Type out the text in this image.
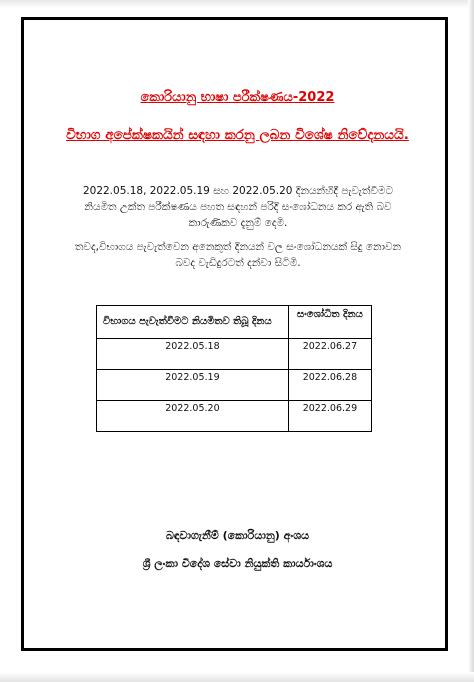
කොරියානු භාෂා පරීක්ෂණය-2022
විභාග අපේක්ෂකයින් සඳහා කරනු ලබන විශේෂ නිවේදනයයි.
2022.05.18, 2022.05.19 සහ 2022.05.20 දිනයන්හිදී පැවැත්වීමට නියමිත උක්ත පරීක්ෂණය පහත සඳහන් පරිදි සංශෝධනය කර ඇති බව කාරුණිකව දැනුම් දෙමි.
තවද,විභාගය පැවැත්වෙන අනෙකුත් දිනයන් වල සංශෝධනයක් සිදු නොවන බවද වැඩිදුරටත් දන්වා සිටිමි.
විභාගය පැවැත්වීමට නියමිතව තිබූ දිනය	සංශෝධිත දිනය
2022.05.18	2022.06.27
2022.05.19	2022.06.28
2022.05.20	2022.06.29
බඳවාගැනීම් (කොරියානු) අංශය
ශ්‍රී ලංකා විදේශ සේවා නියුක්ති කාර්යාංශය
